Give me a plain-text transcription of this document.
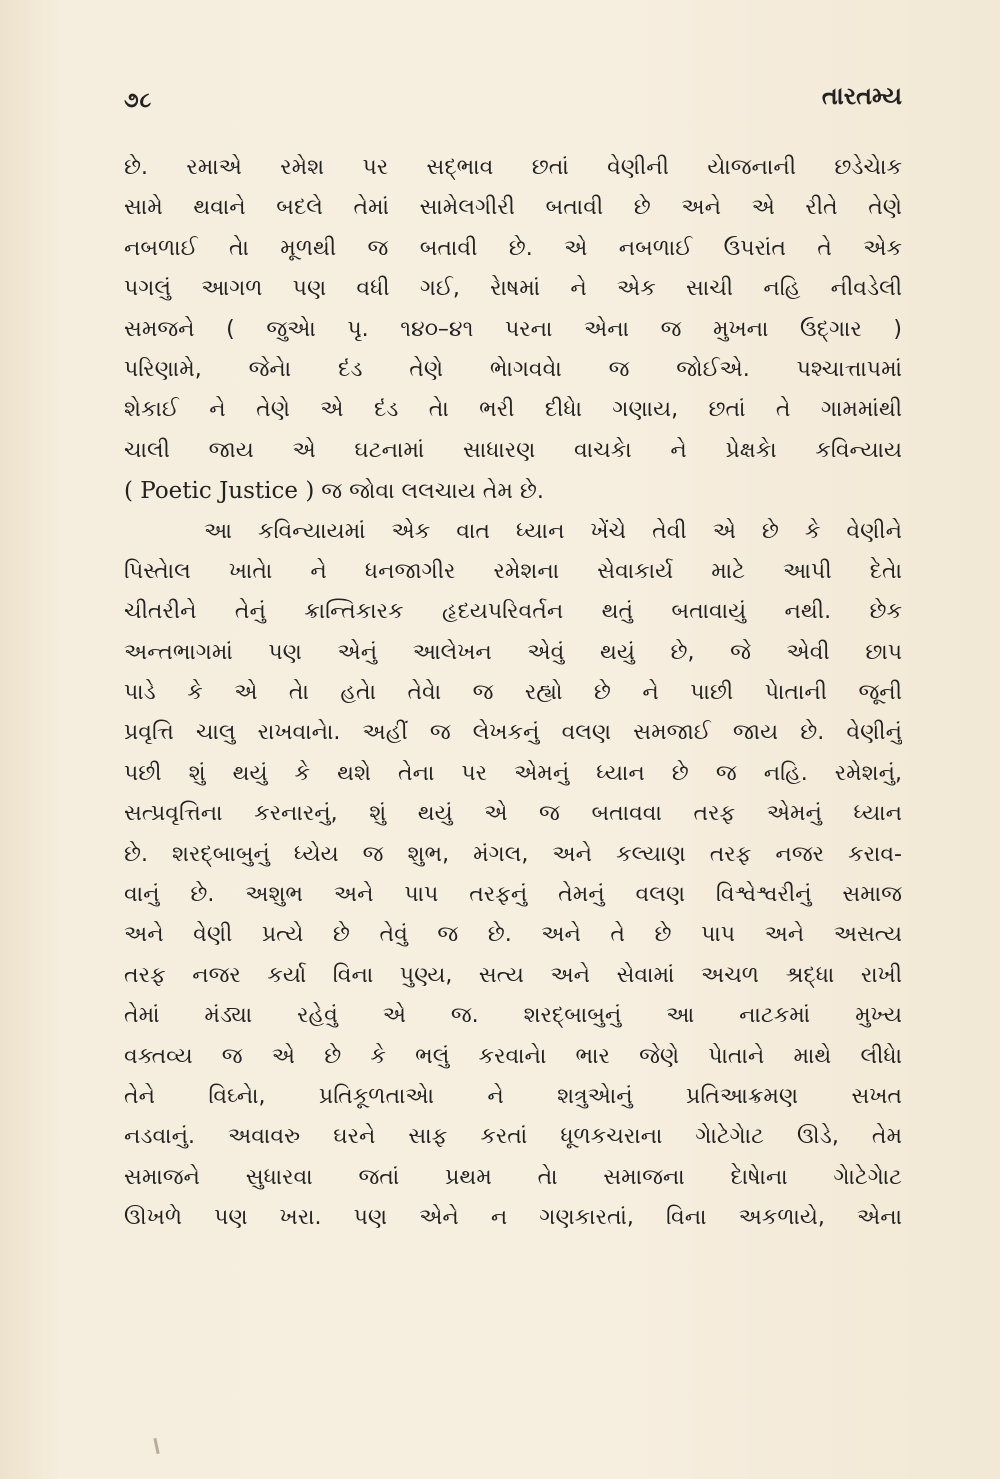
૭૮	તારતમ્ય
છે. રમાએ રમેશ પર સદ્ભાવ છતાં વેણીની યેાજનાની છડેચેાક
સામે થવાને બદલે તેમાં સામેલગીરી બતાવી છે અને એ રીતે તેણે
નબળાઈ તેા મૂળથી જ બતાવી છે. એ નબળાઈ ઉપરાંત તે એક
પગલું આગળ પણ વધી ગઈ, રેાષમાં ને એક સાચી નહિ નીવડેલી
સમજને ( જુએા પૃ. ૧૪૦–૪૧ પરના એના જ મુખના ઉદ્ગાર )
પરિણામે, જેનેા દંડ તેણે ભેાગવવેા જ જોઈએ. પશ્ચાત્તાપમાં
શેકાઈ ને તેણે એ દંડ તેા ભરી દીધેા ગણાય, છતાં તે ગામમાંથી
ચાલી જાય એ ઘટનામાં સાધારણ વાચકેા ને પ્રેક્ષકેા કવિન્યાય
( Poetic Justice ) જ જોવા લલચાય તેમ છે.
આ કવિન્યાયમાં એક વાત ધ્યાન ખેંચે તેવી એ છે કે વેણીને
પિસ્તેાલ ખાતેા ને ધનજાગીર રમેશના સેવાકાર્ય માટે આપી દેતેા
ચીતરીને તેનું ક્રાન્તિકારક હૃદયપરિવર્તન થતું બતાવાયું નથી. છેક
અન્તભાગમાં પણ એનું આલેખન એવું થયું છે, જે એવી છાપ
પાડે કે એ તેા હતેા તેવેા જ રહ્યો છે ને પાછી પેાતાની જૂની
પ્રવૃત્તિ ચાલુ રાખવાનેા. અહીં જ લેખકનું વલણ સમજાઈ જાય છે. વેણીનું
પછી શું થયું કે થશે તેના પર એમનું ધ્યાન છે જ નહિ. રમેશનું,
સત્પ્રવૃત્તિના કરનારનું, શું થયું એ જ બતાવવા તરફ એમનું ધ્યાન
છે. શરદ્બાબુનું ધ્યેય જ શુભ, મંગલ, અને કલ્યાણ તરફ નજર કરાવ-
વાનું છે. અશુભ અને પાપ તરફનું તેમનું વલણ વિશ્વેશ્વરીનું સમાજ
અને વેણી પ્રત્યે છે તેવું જ છે. અને તે છે પાપ અને અસત્ય
તરફ નજર કર્યા વિના પુણ્ય, સત્ય અને સેવામાં અચળ શ્રદ્ધા રાખી
તેમાં મંડ્યા રહેવું એ જ. શરદ્બાબુનું આ નાટકમાં મુખ્ય
વક્તવ્ય જ એ છે કે ભલું કરવાનેા ભાર જેણે પેાતાને માથે લીધેા
તેને વિઘ્નેા, પ્રતિકૂળતાએા ને શત્રુએાનું પ્રતિઆક્રમણ સખત
નડવાનું. અવાવરુ ઘરને સાફ કરતાં ધૂળકચરાના ગેાટેગેાટ ઊડે, તેમ
સમાજને સુધારવા જતાં પ્રથમ તેા સમાજના દેાષેાના ગેાટેગેાટ
ઊખળે પણ ખરા. પણ એને ન ગણકારતાં, વિના અકળાયે, એના
